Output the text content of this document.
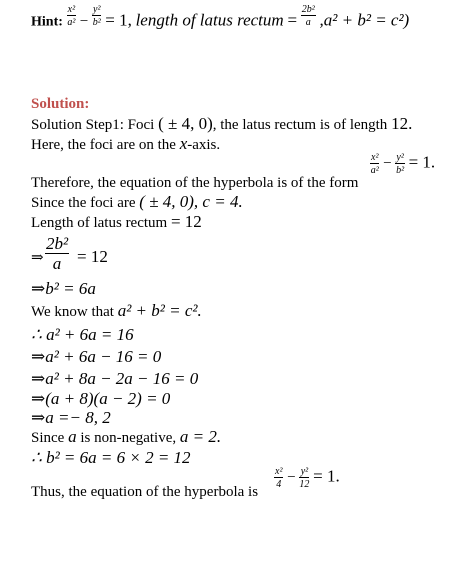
Hint: $\frac{\text{x²}}{\text{a²}} - \frac{\text{y²}}{\text{b²}} = 1$, length of latus rectum = $\frac{\text{2b²}}{a} ,a^2 + b^2 = c^2$)
Solution:
Solution Step1: Foci ( ± 4, 0), the latus rectum is of length 12.
Here, the foci are on the x-axis.
Therefore, the equation of the hyperbola is of the form
$\frac{\text{x²}}{\text{a²}} - \frac{\text{y²}}{\text{b²}} = 1$.
Since the foci are ( ± 4, 0), c = 4.
Length of latus rectum = 12
⇒ $\frac{\text{2b²}}{a} = 12$
⇒b² = 6a
We know that a² + b² = c².
∴ a² + 6a = 16
⇒a² + 6a − 16 = 0
⇒a² + 8a − 2a − 16 = 0
⇒(a + 8)(a − 2) = 0
⇒a =− 8, 2
Since a is non-negative, a = 2.
∴ b² = 6a = 6 × 2 = 12
Thus, the equation of the hyperbola is
$\frac{\text{x²}}{4} - \frac{\text{y²}}{12} = 1$.
